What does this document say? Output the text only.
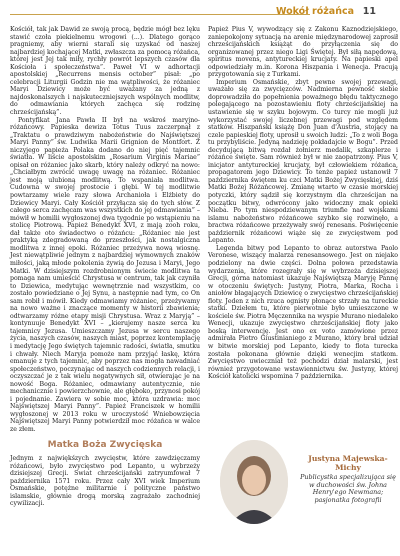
Wokół różańca 11

Kościół, tak jak Dawid ze swoją procą, będzie mógł bez lęku stawić czoła piekielnemu wrogowi (...). Dlatego gorąco pragniemy, aby wierni starali się uzyskać od naszej najbardziej kochającej Matki, zwłaszcza za pomocą różańca, której jest Jej tak miły, rychły powrót lepszych czasów dla Kościoła i społeczeństwa”. Paweł VI w adhortacji apostolskiej „Recurrens mensis october” pisał: „po celebracji Liturgii Godzin nie ma wątpliwości, że różaniec Maryi Dziewicy może być uważany za jedną z najdoskonalszych i najskuteczniejszych wspólnych modlitw, do odmawiania których zachęca się rodzinę chrześcijańską”.

Pontyfikat Jana Pawła II był na wskroś maryjno-różańcowy. Papieska dewiza Totus Tuus zaczerpnął z „Traktatu o prawdziwym nabożeństwie do Najświętszej Maryi Panny” św. Ludwika Marii Grignion de Montfort. Z niczyjego papieża Polaka dodano do niej pięć tajemnic światła. W liście apostolskim „Rosarium Virginis Mariae” opisał on różaniec jako skarb, który należy odkryć na nowo: „Chciałbym zwrócić uwagę uwagę na różaniec. Różaniec jest moją ulubioną modlitwą. To wspaniała modlitwa. Cudowna w swojej prostocie i głębi. W tej modlitwie powtarzamy wiele razy słowa Archanioła i Elżbiety do Dziewicy Maryi. Cały Kościół przyłącza się do tych słów. Z całego serca zachęcam was wszystkich do jej odmawiania” – mówił w homilii wygłoszonej dwa tygodnie po wstąpieniu na stolicę Piotrową. Papież Benedykt XVI, z mają zooh roku, dał także oto świadectwo o różańcu: „Różaniec nie jest praktyką zdegradowaną do przeszłości, jak nostalgiczna modlitwa z innej epoki. Różaniec przeżywa nową wiosnę. Jest niewątpliwie jednym z najbardziej wymownych znaków miłości, jaką młode pokolenia żywią do Jezusa i Maryi, Jego Matki. W dzisiejszym rozdrobnionym świecie modlitwa ta pomaga nam umieścić Chrystusa w centrum, tak jak czyniła to Dziewica, medytując wewnętrznie nad wszystkim, co zostało powiedziane o Jej Synu, a następnie nad tym, co On sam robił i mówił. Kiedy odmawiamy różaniec, przeżywamy na nowo ważne i znaczące momenty w historii zbawienia; odtwarzamy różne etapy misji Chrystusa. Wraz z Maryją” – kontynuuje Benedykt XVI – „kierujemy nasze serca ku tajemnicy Jezusa. Umieszczamy Jezusa w sercu naszego życia, naszych czasów, naszych miast, poprzez kontemplację i medytację Jego świętych tajemnic radości, światła, smutku i chwały. Niech Maryja pomoże nam przyjąć łaskę, która emanuje z tych tajemnic, aby poprzez nas mogła nawadniać społeczeństwo, poczynając od naszych codziennych relacji, i oczyszczać je z tak wielu negatywnych sił, otwierając je na nowość Boga. Różaniec, odmawiany autentycznie, nie mechanicznie i powierzchownie, ale głęboko, przynosi pokój i pojednanie. Zawiera w sobie moc, która uzdrawia: moc Najświętszej Maryi Panny”. Papież Franciszek w homilii wygłoszonej w 2013 roku w uroczystość Wniebowzięcia Najświętszej Maryi Panny potwierdził moc różańca w walce ze złem.

Matka Boża Zwycięska

Jednym z najwiękśzych zwycięstw, które zawdzięczamy różańcowi, było zwycięstwo pod Lepanto, u wybrzeży dzisiejszej Grecji. Swiat chrześcijański zatryumfował 7 października 1571 roku. Przez cały XVI wiek Imperium Osmańskie, potężne militarnie i polityczne państwo islamskie, głównie drogą morską zagrażało zachodniej cywilizacji.

Papież Pius V, wywodzący się z Zakonu Kaznodziejskiego, zaniepokojony sytuacją na arenie międzynarodowej zaprosił chrześcijańskich książąt do przyłączenia się do organizowanej przez niego Ligi Świętej. Był siłą napędową, spiritus movens, antytureckiej krucjaty. Na papieski apel odpowiedziały m.in. Korona Hiszpania i Wenecja. Pracują przygotowania się z Turkami.

Imperium Osmańskie, zbyt pewne swojej przewagi, uważało się za zwycięzców. Nadmierna pewność siebie doprowadziła do popełnienia poważnego błędu taktycznego polegającego na pozostawieniu floty chrześcijańskiej na ustawienie się w szyku bojowym. Co turcy nie mogli już wykorzystać swojej liczebnej przewagi pod względem statków. Hiszpański książę Don Juan d'Austria, stojący na czele papieskiej floty, uprosił u swoich ludzi: „To z woli Boga tu przybyliście. Jedyną nadzieję pokładajcie w Bogu”. Przed decydującą bitwą rozdał żołnierz medalik, szkaplerze i różańce święte. Sam również był w nie zaopatrzony. Pius V, inicjator antytureckiej krucjaty, był człowiekiem różańca, propagatorem jego Dziewicy. To tenże papież ustanowił 7 października świętem ku czci Matki Bożej Zwycięskiej, dziś Matki Bożej Różańcowej. Zmianę wtarto w czasie morskiej potyczki, który sądził się korzystnym dla chrześcijan na początku bitwy, odwrócony jako widoczny znak opieki Nieba. Po tym niespodziewanym triumfie nad wojskami islamu nabożeństwo różańcowe szybko się rozwinęło, a bractwa różańcowe przeżywały swój renesans. Poświęcenie październik różańcowi wiąże się ze zwycięstwem pod Lepanto.

Legenda bitwy pod Lepanto to obraz autorstwa Paolo Veronese, wiszący malarza renesansowego. Jest on niejako podzielony na dwie części. Dolna połowa przedstawia wydarzenia, które rozegrały się w wybrzeża dzisiejszej Grecji, górna natomiast ukazuje Najświętszą Maryję Pannę w otoczeniu świętych: Justyny, Piotra, Marka, Rocha i aniołów błagających Dziewicę o zwycięstwo chrześcijańskiej floty. Jeden z nich rzuca ognisty płonące strzały na tureckie statki. Dziełem tu, które pierwotnie było umieszczone w kościele św. Piotra Męczennika na wyspie Murano niedaleko Wenecji, ukazuje zwycięstwo chrześcijańskiej floty jako boską interwencję. Jest ono ex voto zamówione przez admirała Pietro Giustinianiego z Murano, który brał udział w bitwie morskiej pod Lepanto, kiedy to flota turecka została pokonana głównie dzięki wenecjim statkom. Zwycięstwo uwieczniał też pochodzi dział malarski, jest również przygotowane wstawiennictwu św. Justyny, której Kościół katolicki wspomina 7 października.

Justyna Majewska-Michy
Publicystka specjalizująca się w duchowości św. Johna Henry'ego Newmana; pasjonatka fotografii
